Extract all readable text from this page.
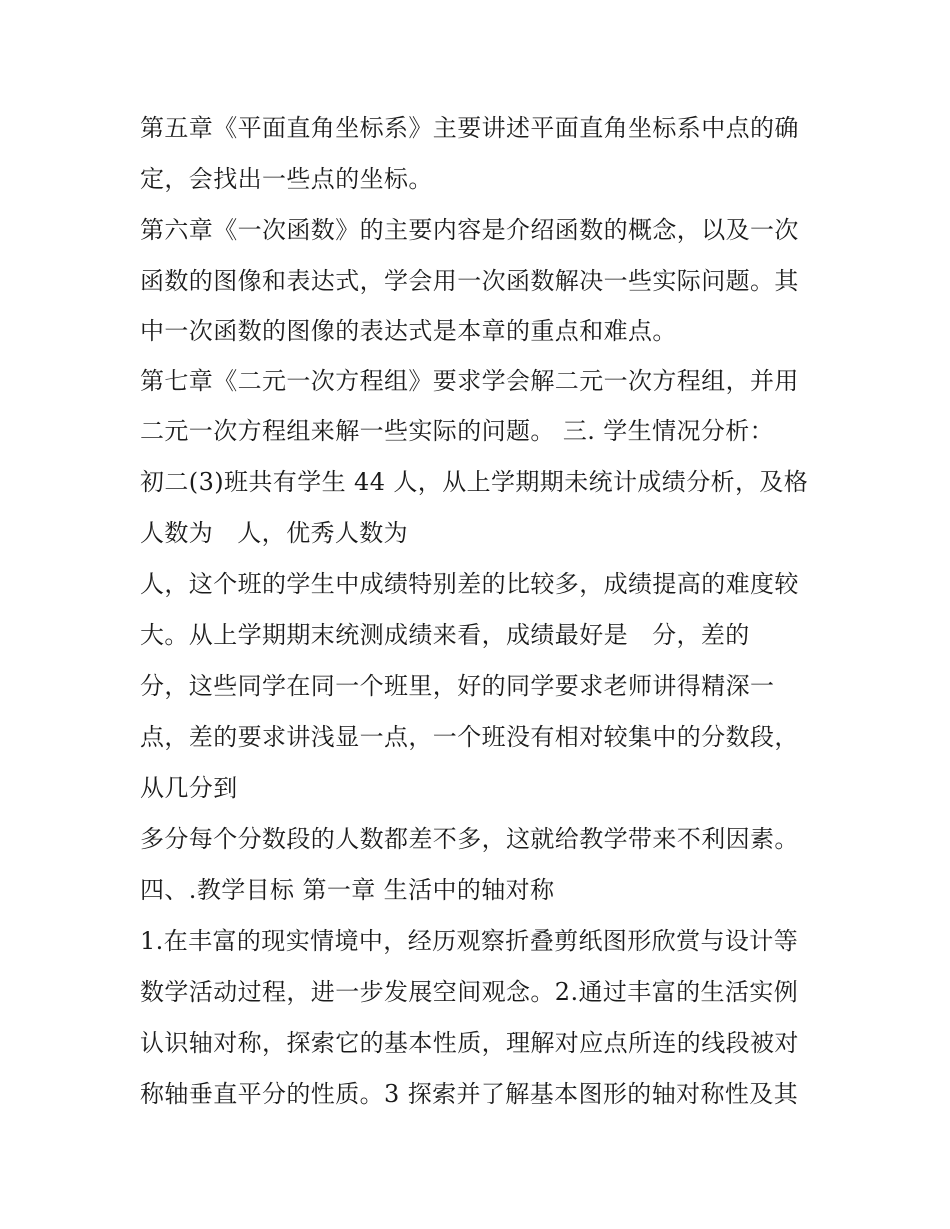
第五章《平面直角坐标系》主要讲述平面直角坐标系中点的确
定，会找出一些点的坐标。
第六章《一次函数》的主要内容是介绍函数的概念，以及一次
函数的图像和表达式，学会用一次函数解决一些实际问题。其
中一次函数的图像的表达式是本章的重点和难点。
第七章《二元一次方程组》要求学会解二元一次方程组，并用
二元一次方程组来解一些实际的问题。 三. 学生情况分析：
初二(3)班共有学生 44 人，从上学期期未统计成绩分析，及格
人数为   人，优秀人数为
人，这个班的学生中成绩特别差的比较多，成绩提高的难度较
大。从上学期期末统测成绩来看，成绩最好是   分，差的
分，这些同学在同一个班里，好的同学要求老师讲得精深一
点，差的要求讲浅显一点，一个班没有相对较集中的分数段，
从几分到
多分每个分数段的人数都差不多，这就给教学带来不利因素。
四、.教学目标 第一章 生活中的轴对称
1.在丰富的现实情境中，经历观察折叠剪纸图形欣赏与设计等
数学活动过程，进一步发展空间观念。2.通过丰富的生活实例
认识轴对称，探索它的基本性质，理解对应点所连的线段被对
称轴垂直平分的性质。3 探索并了解基本图形的轴对称性及其
